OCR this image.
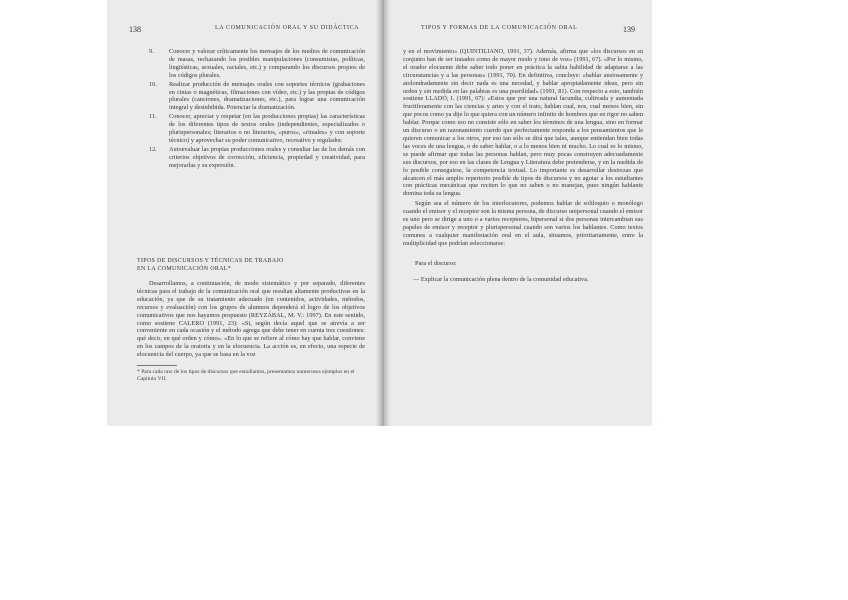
138	LA COMUNICACIÓN ORAL Y SU DIDÁCTICA
9. Conocer y valorar críticamente los mensajes de los medios de comunicación de masas, rechazando los posibles manipulaciones (consumistas, políticas, lingüísticas, sexuales, raciales, etc.) y comparando los discursos propios de los códigos plurales.
10. Realizar producción de mensajes orales con soportes técnicos (grabaciones en cintas o magnéticas, filmaciones con vídeo, etc.) y las propias de códigos plurales (canciones, dramatizaciones, etc.), para lograr una comunicación integral y desinhibida. Potenciar la dramatización.
11. Conocer, apreciar y respetar (en las producciones propias) las características de los diferentes tipos de textos orales (independientes, especializados o plurispersonales; literarios o no literarios, «puros», «rituales» y con soporte técnico) y aprovechar su poder comunicativo, recreativo y regulador.
12. Autoevaluar las propias producciones orales y consultar las de los demás con criterios objetivos de corrección, eficiencia, propiedad y creatividad, para mejorarlas y su expresión.
TIPOS DE DISCURSOS Y TÉCNICAS DE TRABAJO
EN LA COMUNICACIÓN ORAL*

Desarrollamos, a continuación, de modo sistemático y por separado, diferentes técnicas para el trabajo de la comunicación oral que resultan altamente productivas en la educación, ya que de su tratamiento adecuado (en contenidos, actividades, métodos, recursos y evaluación) con los grupos de alumnos dependerá el logro de los objetivos comunicativos que nos hayamos propuesto (REYZÁBAL, M. V.: 1997). En este sentido, como sostiene CALERO (1991, 23): «Si, según decía aquel que se atrevía a ser conveniente en cada ocasión y el método agrega que debe tener en cuenta tres cuestiones: qué decir, en qué orden y cómo». «En lo que se refiere al cómo hay que hablar, conviene en los campos de la oratoria y en la elocuencia. La acción es, en efecto, una especie de elocuencia del cuerpo, ya que se basa en la voz

* Para cada uno de los tipos de discursos que estudiamos, presentamos numerosos ejemplos en el Capítulo VII.
TIPOS Y FORMAS DE LA COMUNICACIÓN ORAL	139

y en el movimiento» (QUINTILIANO, 1991, 37). Además, afirma que «los discursos en su conjunto han de ser tratados como de mayor modo y tono de voz» (1991, 67). «Por lo mismo, el orador elocuente debe saber todo poner en práctica la sabia habilidad de adaptarse a las circunstancias y a las personas» (1991, 70). En definitiva, concluye: «hablar ansiosamente y atolondradamente sin decir nada es una necedad, y hablar apropiadamente ideas, pero sin orden y sin medida en las palabras es una puerilidad» (1991, 81). Con respecto a esto, también sostiene LLADÓ, I. (1991, 67): «Estos que por una natural facundia, cultivada y aumentada fructiferamente con las ciencias y artes y con el trato, hablan cual, nos, cual menos bien, sin que pocos como ya dije lo que quiera con un número infinito de hombres que en rigor no saben hablar. Porque como eso no consiste sólo en saber los términos de una lengua, sino en formar un discurso o un razonamiento cuerdo que perfectamente responda a los pensamientos que le quieren comunicar a los otros, por eso tan sólo se dirá que tales, aunque entiendan bien todas las voces de una lengua, o de saber hablar, o a lo menos bien ni mucho. Lo cual es lo mismo, se puede afirmar que todas las personas hablan, pero muy pocas construyen adecuadamente sus discursos, por eso en las clases de Lengua y Literatura debe pretenderse, y en la medida de lo posible conseguirse, la competencia textual. Lo importante es desarrollar destrezas que alcancen el más amplio repertorio posible de tipos de discursos y no agotar a los estudiantes con prácticas mecánicas que reciten lo que no saben o no manejan, pues ningún hablante domina toda su lengua.

Según sea el número de los interlocutores, podemos hablar de soliloquio o monólogo cuando el emisor y el receptor son la misma persona, de discurso unipersonal cuando el emisor es uno pero se dirige a uno o a varios receptores, bipersonal si dos personas intercambian sus papeles de emisor y receptor y plurispersonal cuando son varios los hablantes. Como textos comunes a cualquier manifestación oral en el aula, situamos, prioritariamente, entre la multiplicidad que podrían seleccionarse:

Para el discurso:

— Explicar la comunicación plena dentro de la comunidad educativa.
